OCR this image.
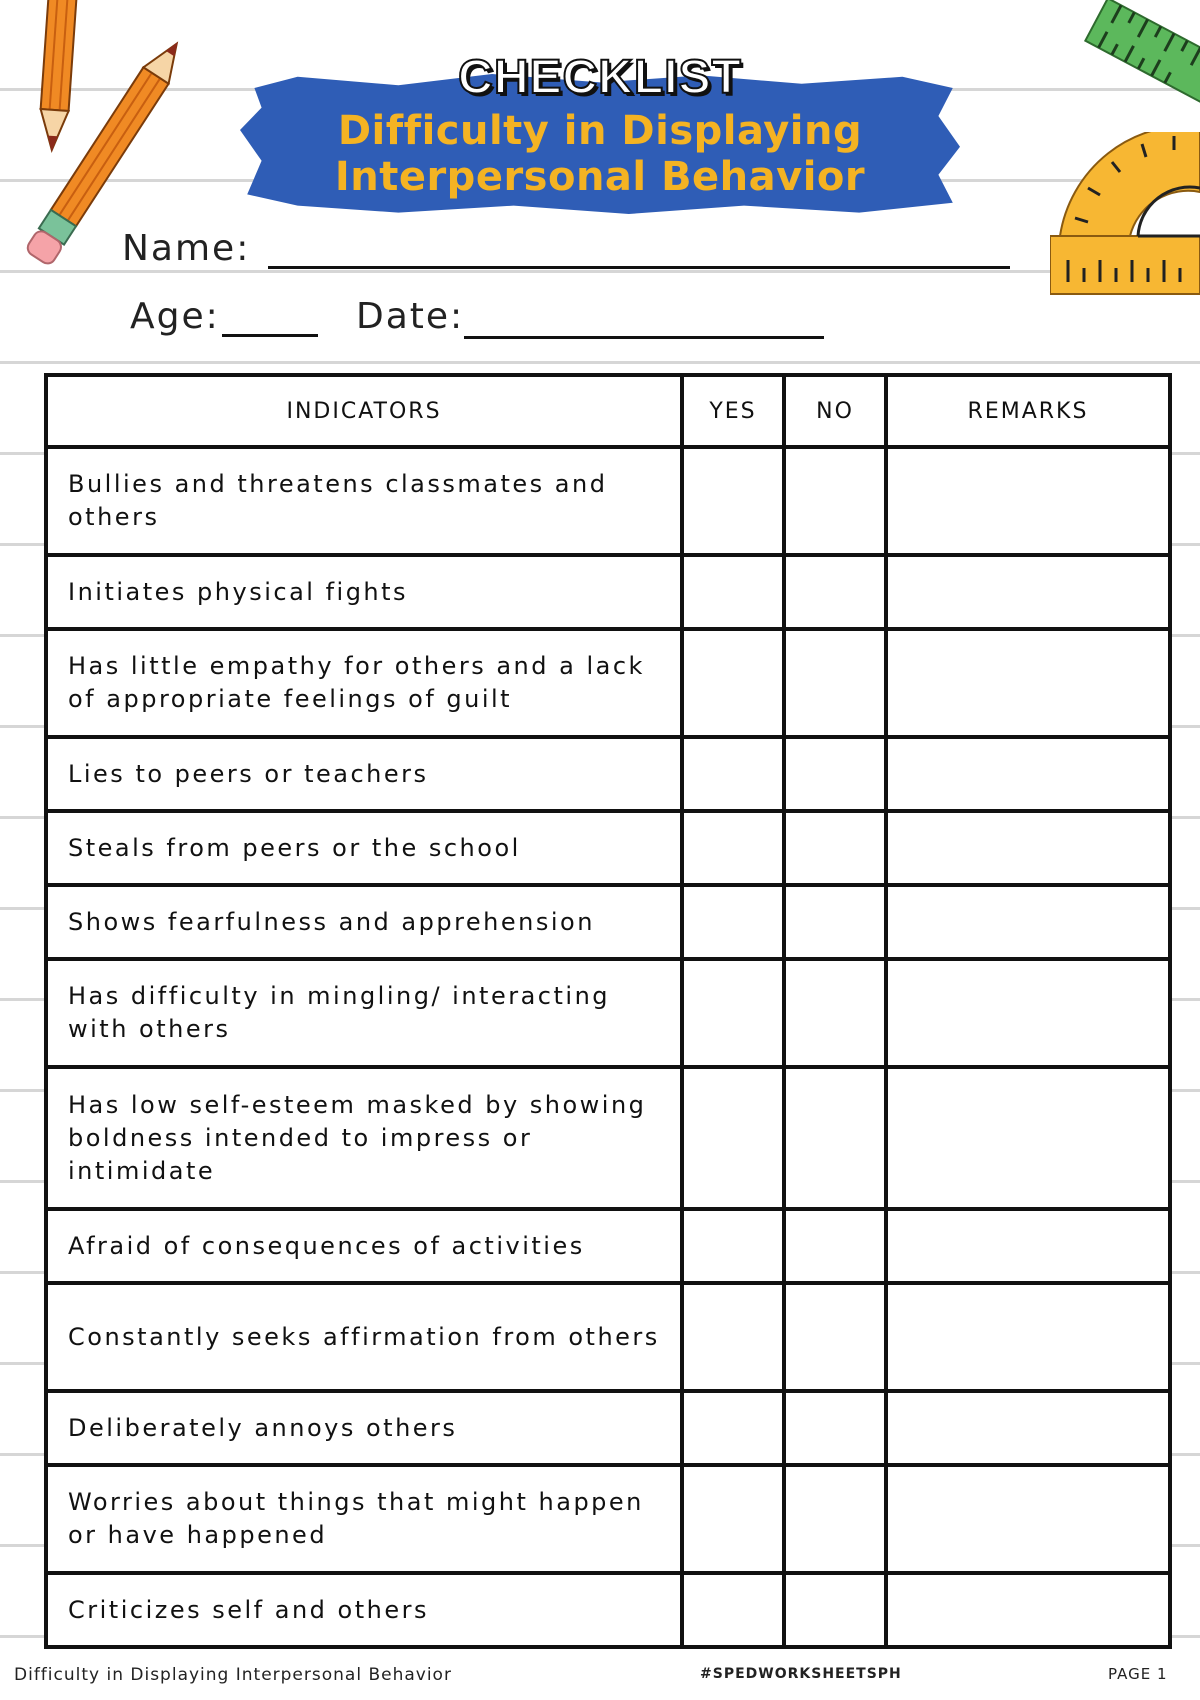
CHECKLIST
Difficulty in Displaying
Interpersonal Behavior
Name:
Age:	Date:
INDICATORS	YES	NO	REMARKS
Bullies and threatens classmates and others			
Initiates physical fights			
Has little empathy for others and a lack of appropriate feelings of guilt			
Lies to peers or teachers			
Steals from peers or the school			
Shows fearfulness and apprehension			
Has difficulty in mingling/ interacting with others			
Has low self-esteem masked by showing boldness intended to impress or intimidate			
Afraid of consequences of activities			
Constantly seeks affirmation from others			
Deliberately annoys others			
Worries about things that might happen or have happened			
Criticizes self and others			
Difficulty in Displaying Interpersonal Behavior	#SPEDWORKSHEETSPH	PAGE 1
